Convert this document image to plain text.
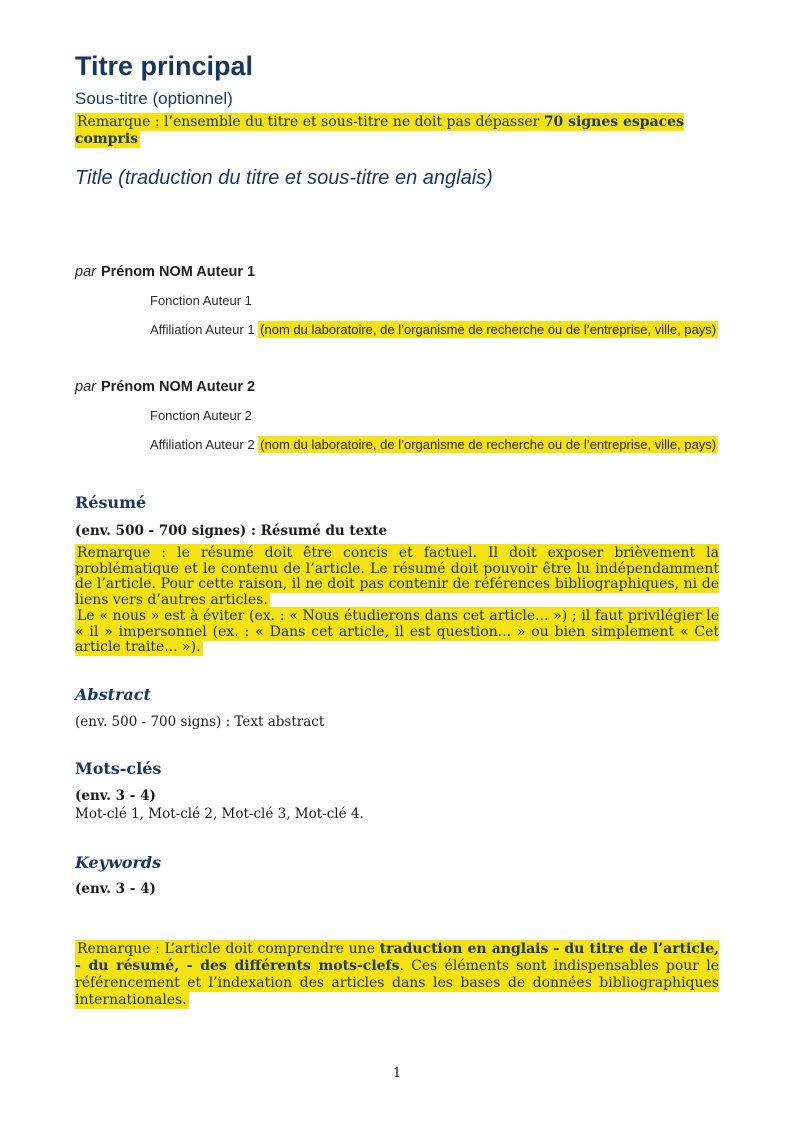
Titre principal
Sous-titre (optionnel)
Remarque : l’ensemble du titre et sous-titre ne doit pas dépasser 70 signes espaces compris
Title (traduction du titre et sous-titre en anglais)
par Prénom NOM Auteur 1
Fonction Auteur 1
Affiliation Auteur 1 (nom du laboratoire, de l’organisme de recherche ou de l’entreprise, ville, pays)
par Prénom NOM Auteur 2
Fonction Auteur 2
Affiliation Auteur 2 (nom du laboratoire, de l’organisme de recherche ou de l’entreprise, ville, pays)
Résumé
(env. 500 - 700 signes) : Résumé du texte
Remarque : le résumé doit être concis et factuel. Il doit exposer brièvement la problématique et le contenu de l’article. Le résumé doit pouvoir être lu indépendamment de l’article. Pour cette raison, il ne doit pas contenir de références bibliographiques, ni de liens vers d’autres articles.
Le « nous » est à éviter (ex. : « Nous étudierons dans cet article... ») ; il faut privilégier le « il » impersonnel (ex. : « Dans cet article, il est question... » ou bien simplement « Cet article traite... »).
Abstract
(env. 500 - 700 signs) : Text abstract
Mots-clés
(env. 3 - 4)
Mot-clé 1, Mot-clé 2, Mot-clé 3, Mot-clé 4.
Keywords
(env. 3 - 4)
Remarque : L’article doit comprendre une traduction en anglais - du titre de l’article, - du résumé, - des différents mots-clefs. Ces éléments sont indispensables pour le référencement et l’indexation des articles dans les bases de données bibliographiques internationales.
1
